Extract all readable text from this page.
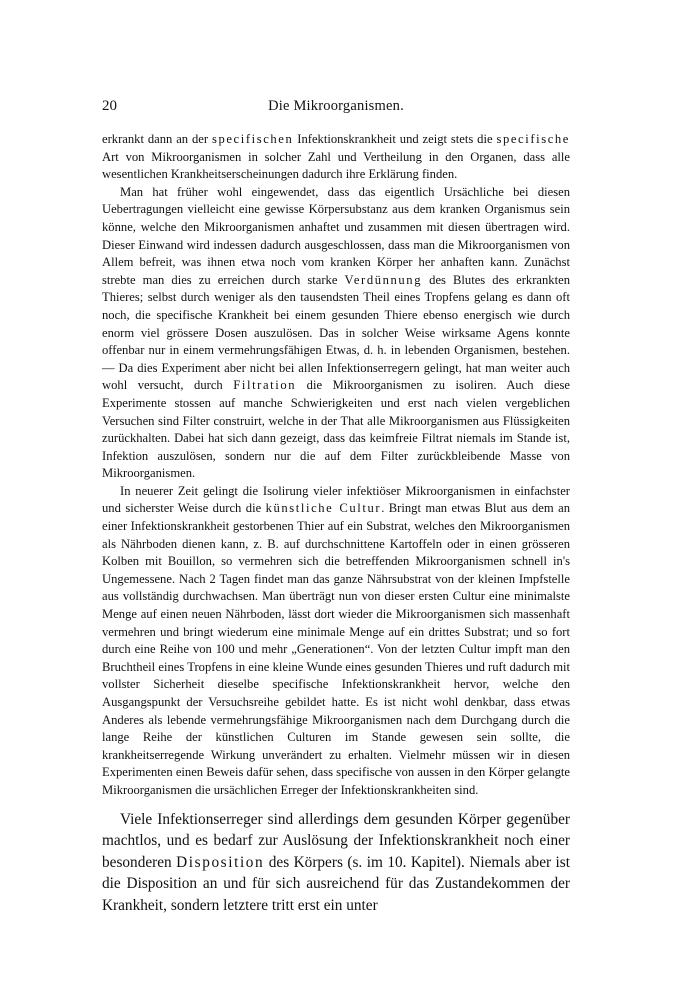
20	Die Mikroorganismen.

erkrankt dann an der specifischen Infektionskrankheit und zeigt stets die specifische Art von Mikroorganismen in solcher Zahl und Vertheilung in den Organen, dass alle wesentlichen Krankheitserscheinungen dadurch ihre Erklärung finden.

Man hat früher wohl eingewendet, dass das eigentlich Ursächliche bei diesen Uebertragungen vielleicht eine gewisse Körpersubstanz aus dem kranken Organismus sein könne, welche den Mikroorganismen anhaftet und zusammen mit diesen übertragen wird. Dieser Einwand wird indessen dadurch ausgeschlossen, dass man die Mikroorganismen von Allem befreit, was ihnen etwa noch vom kranken Körper her anhaften kann. Zunächst strebte man dies zu erreichen durch starke Verdünnung des Blutes des erkrankten Thieres; selbst durch weniger als den tausendsten Theil eines Tropfens gelang es dann oft noch, die specifische Krankheit bei einem gesunden Thiere ebenso energisch wie durch enorm viel grössere Dosen auszulösen. Das in solcher Weise wirksame Agens konnte offenbar nur in einem vermehrungsfähigen Etwas, d. h. in lebenden Organismen, bestehen. — Da dies Experiment aber nicht bei allen Infektionserregern gelingt, hat man weiter auch wohl versucht, durch Filtration die Mikroorganismen zu isoliren. Auch diese Experimente stossen auf manche Schwierigkeiten und erst nach vielen vergeblichen Versuchen sind Filter construirt, welche in der That alle Mikroorganismen aus Flüssigkeiten zurückhalten. Dabei hat sich dann gezeigt, dass das keimfreie Filtrat niemals im Stande ist, Infektion auszulösen, sondern nur die auf dem Filter zurückbleibende Masse von Mikroorganismen.

In neuerer Zeit gelingt die Isolirung vieler infektiöser Mikroorganismen in einfachster und sicherster Weise durch die künstliche Cultur. Bringt man etwas Blut aus dem an einer Infektionskrankheit gestorbenen Thier auf ein Substrat, welches den Mikroorganismen als Nährboden dienen kann, z. B. auf durchschnittene Kartoffeln oder in einen grösseren Kolben mit Bouillon, so vermehren sich die betreffenden Mikroorganismen schnell in's Ungemessene. Nach 2 Tagen findet man das ganze Nährsubstrat von der kleinen Impfstelle aus vollständig durchwachsen. Man überträgt nun von dieser ersten Cultur eine minimalste Menge auf einen neuen Nährboden, lässt dort wieder die Mikroorganismen sich massenhaft vermehren und bringt wiederum eine minimale Menge auf ein drittes Substrat; und so fort durch eine Reihe von 100 und mehr „Generationen“. Von der letzten Cultur impft man den Bruchtheil eines Tropfens in eine kleine Wunde eines gesunden Thieres und ruft dadurch mit vollster Sicherheit dieselbe specifische Infektionskrankheit hervor, welche den Ausgangspunkt der Versuchsreihe gebildet hatte. Es ist nicht wohl denkbar, dass etwas Anderes als lebende vermehrungsfähige Mikroorganismen nach dem Durchgang durch die lange Reihe der künstlichen Culturen im Stande gewesen sein sollte, die krankheitserregende Wirkung unverändert zu erhalten. Vielmehr müssen wir in diesen Experimenten einen Beweis dafür sehen, dass specifische von aussen in den Körper gelangte Mikroorganismen die ursächlichen Erreger der Infektionskrankheiten sind.

Viele Infektionserreger sind allerdings dem gesunden Körper gegenüber machtlos, und es bedarf zur Auslösung der Infektionskrankheit noch einer besonderen Disposition des Körpers (s. im 10. Kapitel). Niemals aber ist die Disposition an und für sich ausreichend für das Zustandekommen der Krankheit, sondern letztere tritt erst ein unter
